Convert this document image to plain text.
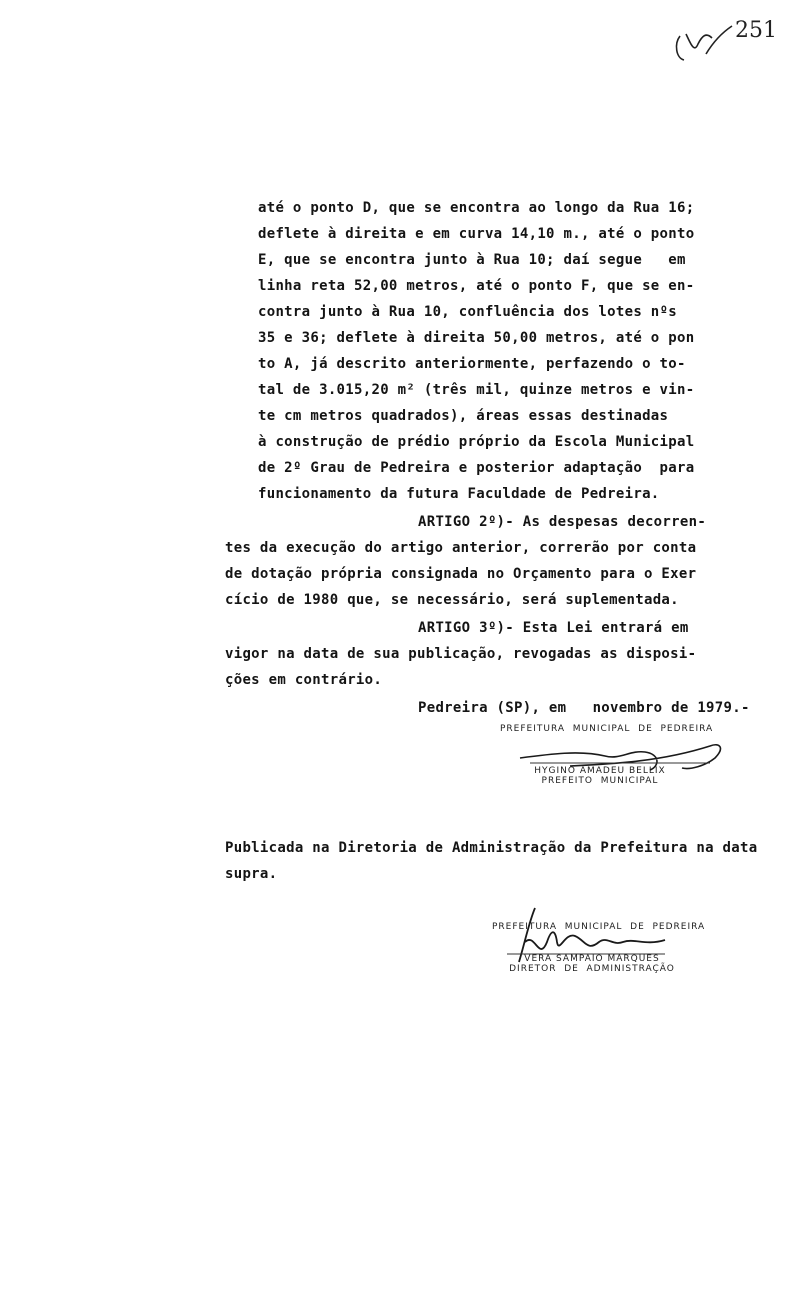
251
até o ponto D, que se encontra ao longo da Rua 16;
deflete à direita e em curva 14,10 m., até o ponto
E, que se encontra junto à Rua 10; daí segue   em
linha reta 52,00 metros, até o ponto F, que se en-
contra junto à Rua 10, confluência dos lotes nºs
35 e 36; deflete à direita 50,00 metros, até o pon
to A, já descrito anteriormente, perfazendo o to-
tal de 3.015,20 m² (três mil, quinze metros e vin-
te cm metros quadrados), áreas essas destinadas
à construção de prédio próprio da Escola Municipal
de 2º Grau de Pedreira e posterior adaptação  para
funcionamento da futura Faculdade de Pedreira.
ARTIGO 2º)- As despesas decorren-
tes da execução do artigo anterior, correrão por conta
de dotação própria consignada no Orçamento para o Exer
cício de 1980 que, se necessário, será suplementada.
ARTIGO 3º)- Esta Lei entrará em
vigor na data de sua publicação, revogadas as disposi-
ções em contrário.
Pedreira (SP), em   novembro de 1979.-
PREFEITURA  MUNICIPAL  DE  PEDREIRA
HYGINO AMADEU BELLIX
PREFEITO  MUNICIPAL
Publicada na Diretoria de Administração da Prefeitura na data
supra.
PREFEITURA  MUNICIPAL  DE  PEDREIRA
VERA SAMPAIO MARQUES
DIRETOR  DE  ADMINISTRAÇÃO
